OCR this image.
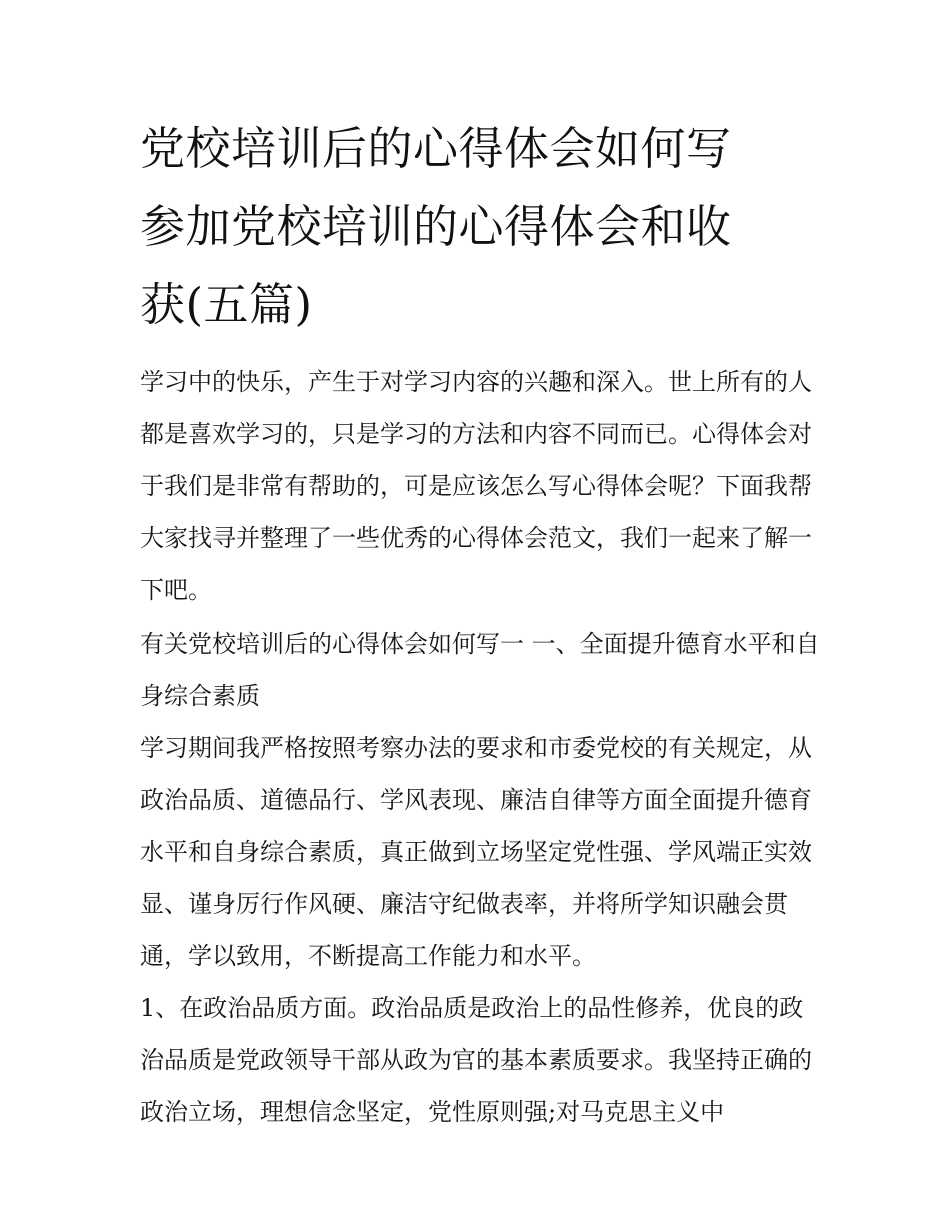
党校培训后的心得体会如何写
参加党校培训的心得体会和收
获(五篇)

学习中的快乐，产生于对学习内容的兴趣和深入。世上所有的人都是喜欢学习的，只是学习的方法和内容不同而已。心得体会对于我们是非常有帮助的，可是应该怎么写心得体会呢？下面我帮大家找寻并整理了一些优秀的心得体会范文，我们一起来了解一下吧。

有关党校培训后的心得体会如何写一 一、全面提升德育水平和自身综合素质

学习期间我严格按照考察办法的要求和市委党校的有关规定，从政治品质、道德品行、学风表现、廉洁自律等方面全面提升德育水平和自身综合素质，真正做到立场坚定党性强、学风端正实效显、谨身厉行作风硬、廉洁守纪做表率，并将所学知识融会贯通，学以致用，不断提高工作能力和水平。

1、在政治品质方面。政治品质是政治上的品性修养，优良的政治品质是党政领导干部从政为官的基本素质要求。我坚持正确的政治立场，理想信念坚定，党性原则强;对马克思主义中
